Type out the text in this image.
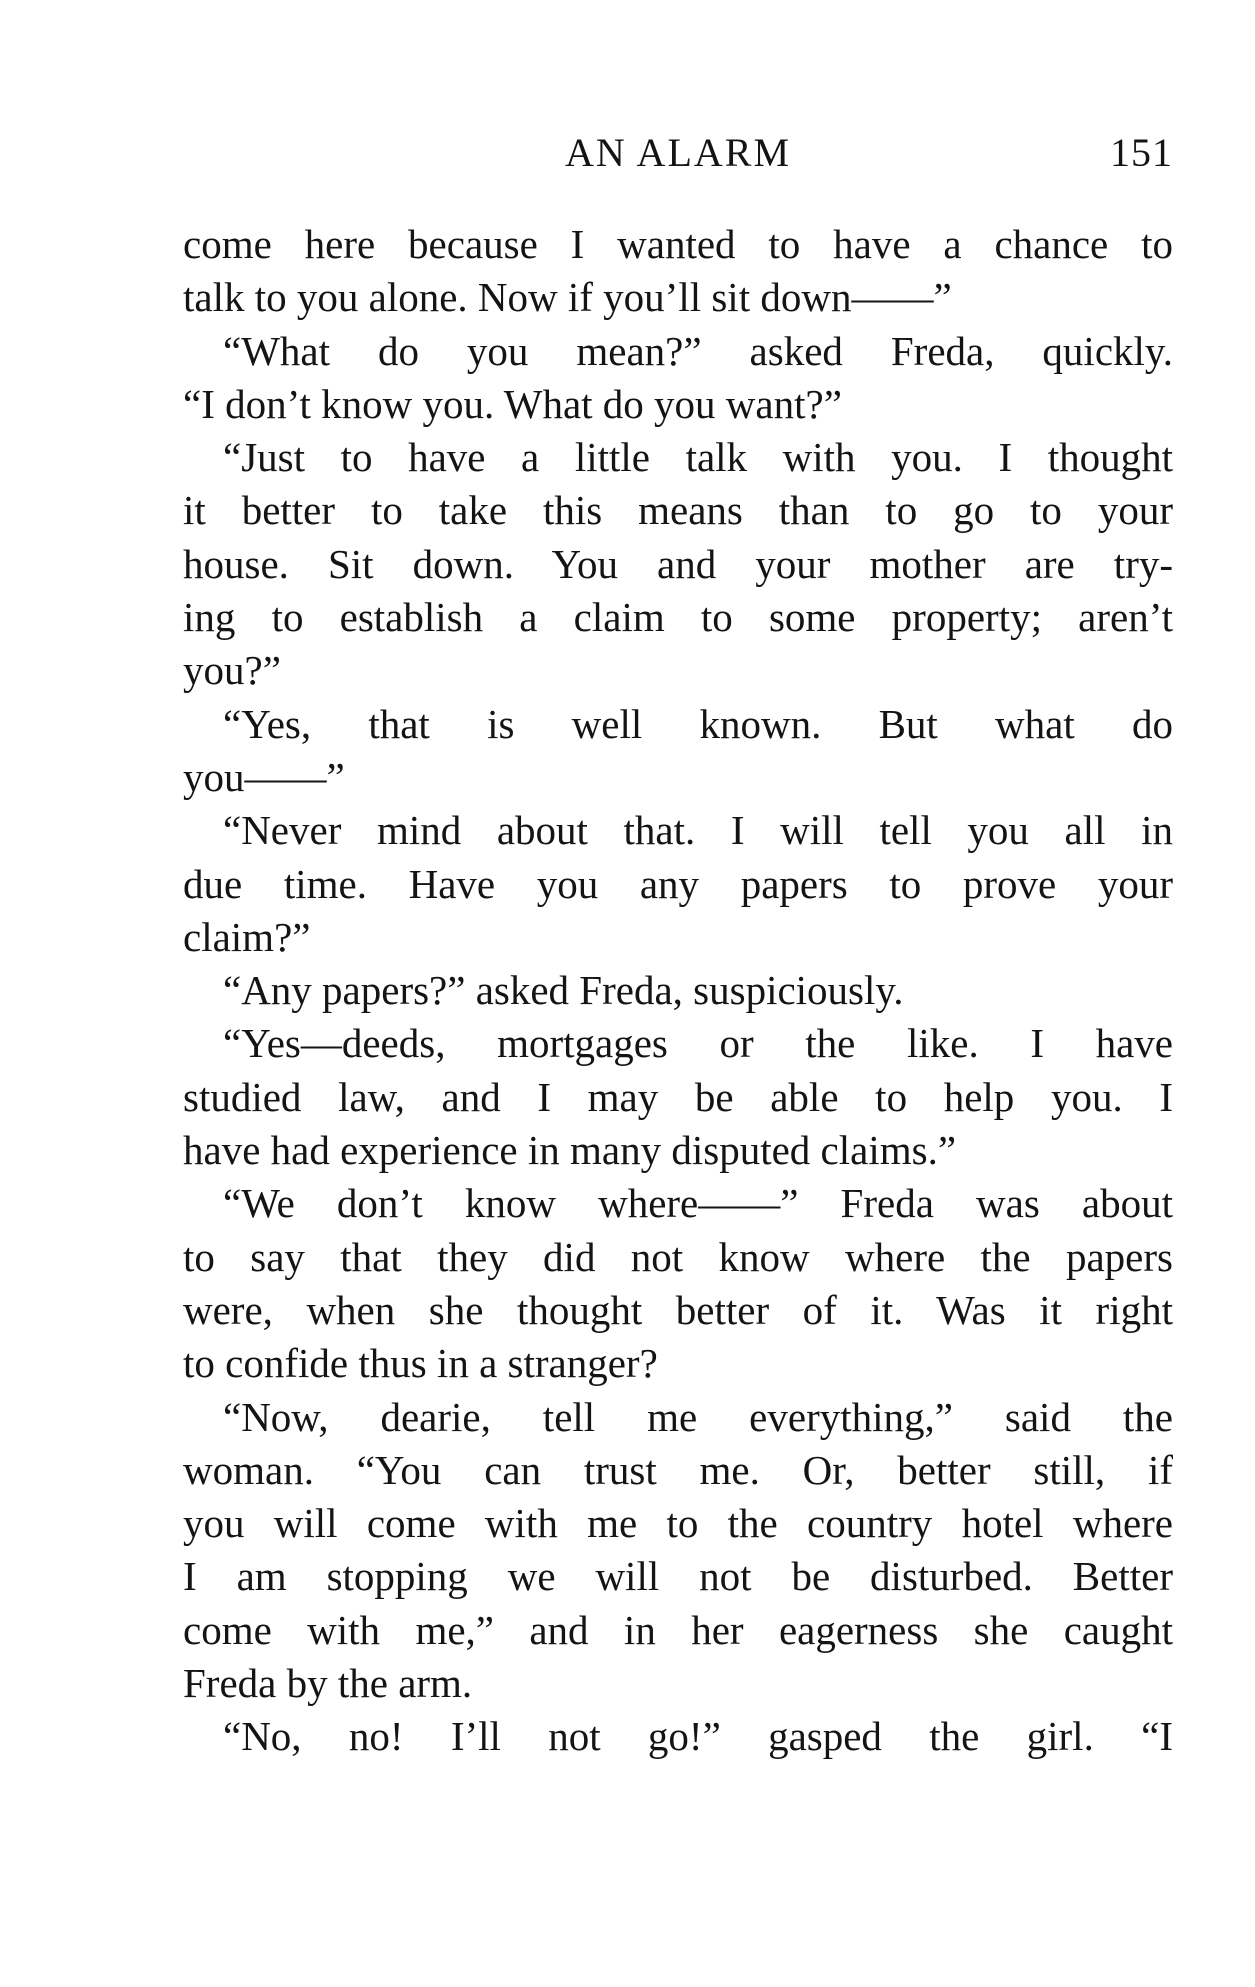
AN ALARM	151
come here because I wanted to have a chance to
talk to you alone. Now if you’ll sit down——”
“What do you mean?” asked Freda, quickly.
“I don’t know you. What do you want?”
“Just to have a little talk with you. I thought
it better to take this means than to go to your
house. Sit down. You and your mother are try-
ing to establish a claim to some property; aren’t
you?”
“Yes, that is well known. But what do
you——”
“Never mind about that. I will tell you all in
due time. Have you any papers to prove your
claim?”
“Any papers?” asked Freda, suspiciously.
“Yes—deeds, mortgages or the like. I have
studied law, and I may be able to help you. I
have had experience in many disputed claims.”
“We don’t know where——” Freda was about
to say that they did not know where the papers
were, when she thought better of it. Was it right
to confide thus in a stranger?
“Now, dearie, tell me everything,” said the
woman. “You can trust me. Or, better still, if
you will come with me to the country hotel where
I am stopping we will not be disturbed. Better
come with me,” and in her eagerness she caught
Freda by the arm.
“No, no! I’ll not go!” gasped the girl. “I
